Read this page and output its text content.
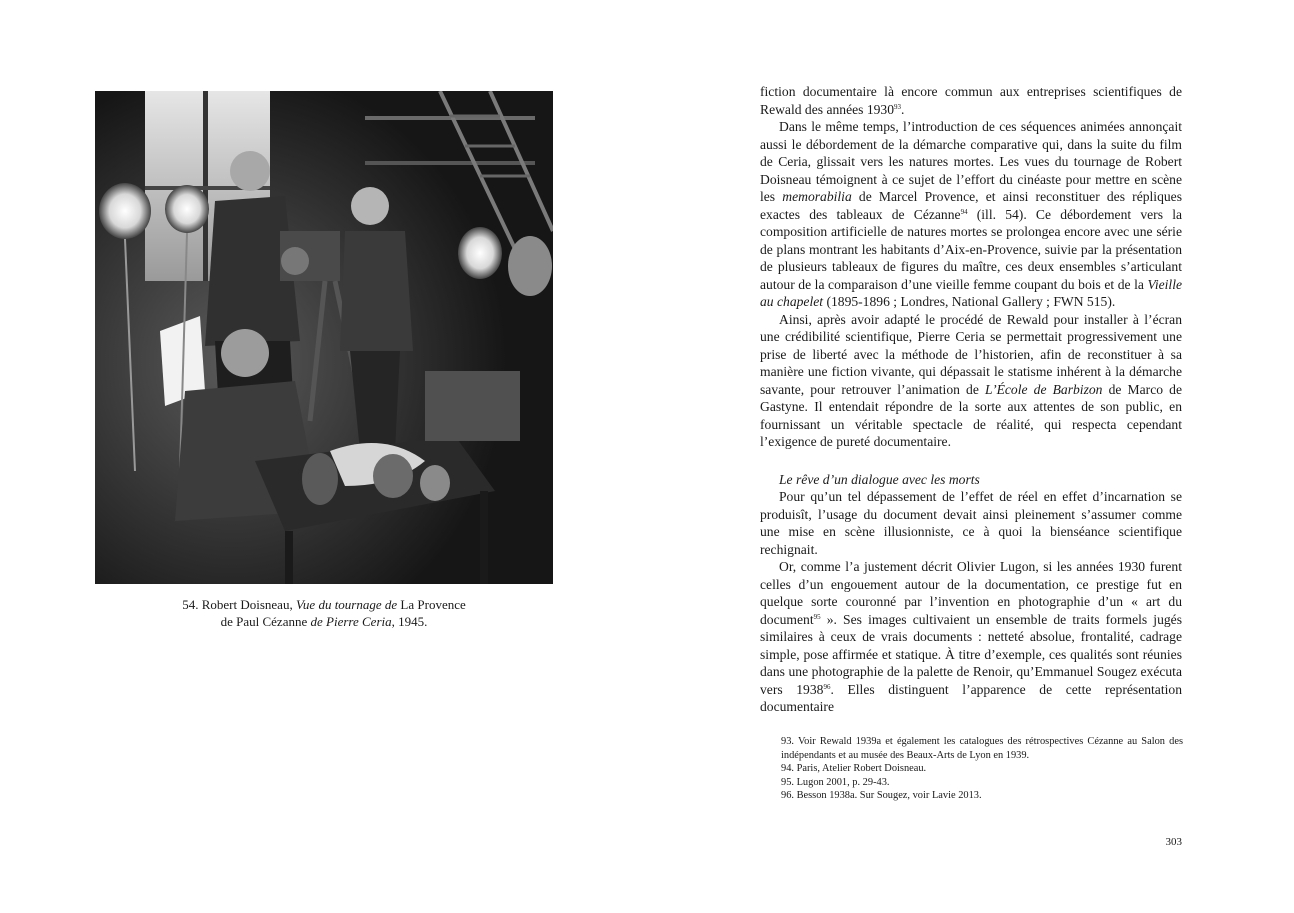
54. Robert Doisneau, Vue du tournage de La Provence
de Paul Cézanne de Pierre Ceria, 1945.

fiction documentaire là encore commun aux entreprises scientifiques de Rewald des années 1930$^{93}$.

Dans le même temps, l’introduction de ces séquences animées annonçait aussi le débordement de la démarche comparative qui, dans la suite du film de Ceria, glissait vers les natures mortes. Les vues du tournage de Robert Doisneau témoignent à ce sujet de l’effort du cinéaste pour mettre en scène les memorabilia de Marcel Provence, et ainsi reconstituer des répliques exactes des tableaux de Cézanne$^{94}$ (ill. 54). Ce débordement vers la composition artificielle de natures mortes se prolongea encore avec une série de plans montrant les habitants d’Aix-en-Provence, suivie par la présentation de plusieurs tableaux de figures du maître, ces deux ensembles s’articulant autour de la comparaison d’une vieille femme coupant du bois et de la Vieille au chapelet (1895-1896 ; Londres, National Gallery ; FWN 515).

Ainsi, après avoir adapté le procédé de Rewald pour installer à l’écran une crédibilité scientifique, Pierre Ceria se permettait progressivement une prise de liberté avec la méthode de l’historien, afin de reconstituer à sa manière une fiction vivante, qui dépassait le statisme inhérent à la démarche savante, pour retrouver l’animation de L’École de Barbizon de Marco de Gastyne. Il entendait répondre de la sorte aux attentes de son public, en fournissant un véritable spectacle de réalité, qui respecta cependant l’exigence de pureté documentaire.

Le rêve d’un dialogue avec les morts

Pour qu’un tel dépassement de l’effet de réel en effet d’incarnation se produisît, l’usage du document devait ainsi pleinement s’assumer comme une mise en scène illusionniste, ce à quoi la bienséance scientifique rechignait.

Or, comme l’a justement décrit Olivier Lugon, si les années 1930 furent celles d’un engouement autour de la documentation, ce prestige fut en quelque sorte couronné par l’invention en photographie d’un « art du document$^{95}$ ». Ses images cultivaient un ensemble de traits formels jugés similaires à ceux de vrais documents : netteté absolue, frontalité, cadrage simple, pose affirmée et statique. À titre d’exemple, ces qualités sont réunies dans une photographie de la palette de Renoir, qu’Emmanuel Sougez exécuta vers 1938$^{96}$. Elles distinguent l’apparence de cette représentation documentaire

93. Voir Rewald 1939a et également les catalogues des rétrospectives Cézanne au Salon des indépendants et au musée des Beaux-Arts de Lyon en 1939.

94. Paris, Atelier Robert Doisneau.

95. Lugon 2001, p. 29-43.

96. Besson 1938a. Sur Sougez, voir Lavie 2013.

303
